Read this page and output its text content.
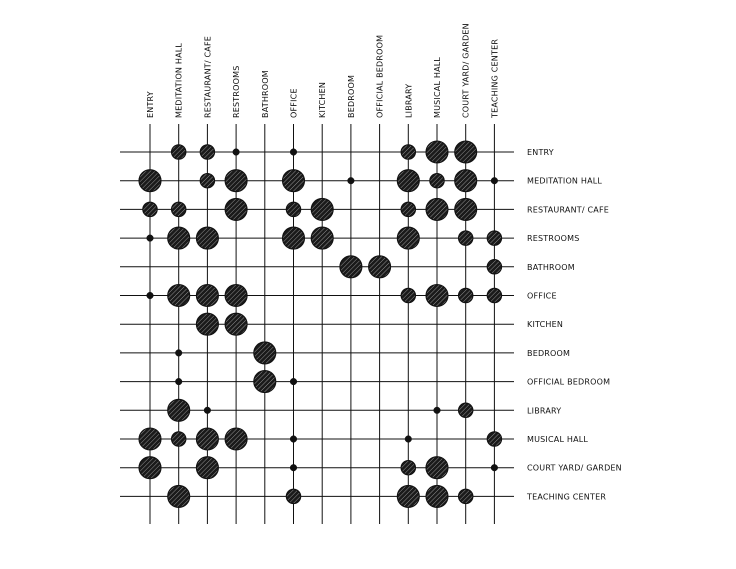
ENTRY MEDITATION HALL RESTAURANT/ CAFE RESTROOMS BATHROOM OFFICE KITCHEN BEDROOM OFFICIAL BEDROOM LIBRARY MUSICAL HALL COURT YARD/ GARDEN TEACHING CENTER
ENTRY
MEDITATION HALL
RESTAURANT/ CAFE
RESTROOMS
BATHROOM
OFFICE
KITCHEN
BEDROOM
OFFICIAL BEDROOM
LIBRARY
MUSICAL HALL
COURT YARD/ GARDEN
TEACHING CENTER
